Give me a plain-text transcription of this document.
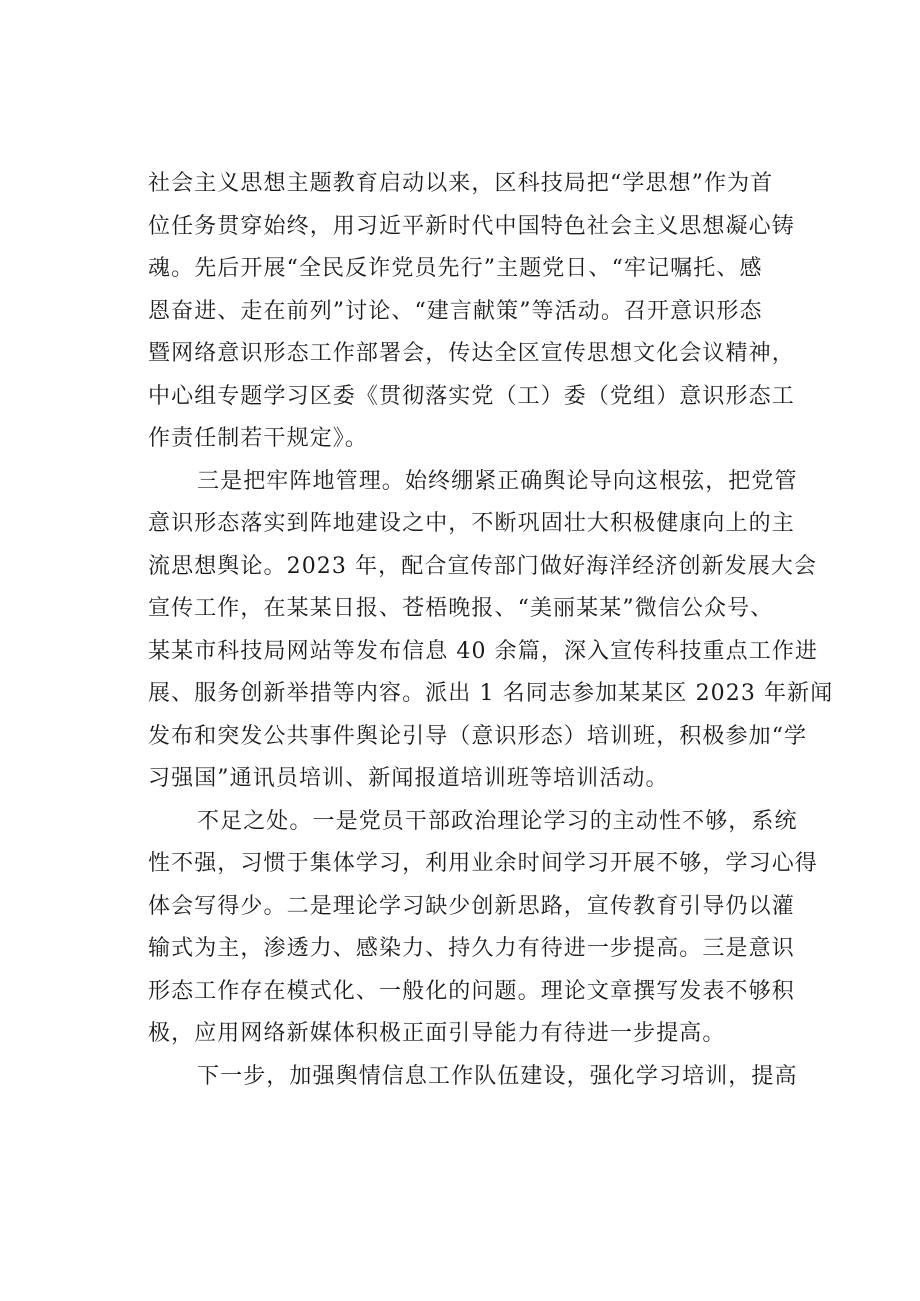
社会主义思想主题教育启动以来，区科技局把“学思想”作为首
位任务贯穿始终，用习近平新时代中国特色社会主义思想凝心铸
魂。先后开展“全民反诈党员先行”主题党日、“牢记嘱托、感
恩奋进、走在前列”讨论、“建言献策”等活动。召开意识形态
暨网络意识形态工作部署会，传达全区宣传思想文化会议精神，
中心组专题学习区委《贯彻落实党（工）委（党组）意识形态工
作责任制若干规定》。
三是把牢阵地管理。始终绷紧正确舆论导向这根弦，把党管
意识形态落实到阵地建设之中，不断巩固壮大积极健康向上的主
流思想舆论。2023 年，配合宣传部门做好海洋经济创新发展大会
宣传工作，在某某日报、苍梧晚报、“美丽某某”微信公众号、
某某市科技局网站等发布信息 40 余篇，深入宣传科技重点工作进
展、服务创新举措等内容。派出 1 名同志参加某某区 2023 年新闻
发布和突发公共事件舆论引导（意识形态）培训班，积极参加“学
习强国”通讯员培训、新闻报道培训班等培训活动。
不足之处。一是党员干部政治理论学习的主动性不够，系统
性不强，习惯于集体学习，利用业余时间学习开展不够，学习心得
体会写得少。二是理论学习缺少创新思路，宣传教育引导仍以灌
输式为主，渗透力、感染力、持久力有待进一步提高。三是意识
形态工作存在模式化、一般化的问题。理论文章撰写发表不够积
极，应用网络新媒体积极正面引导能力有待进一步提高。
下一步，加强舆情信息工作队伍建设，强化学习培训，提高
